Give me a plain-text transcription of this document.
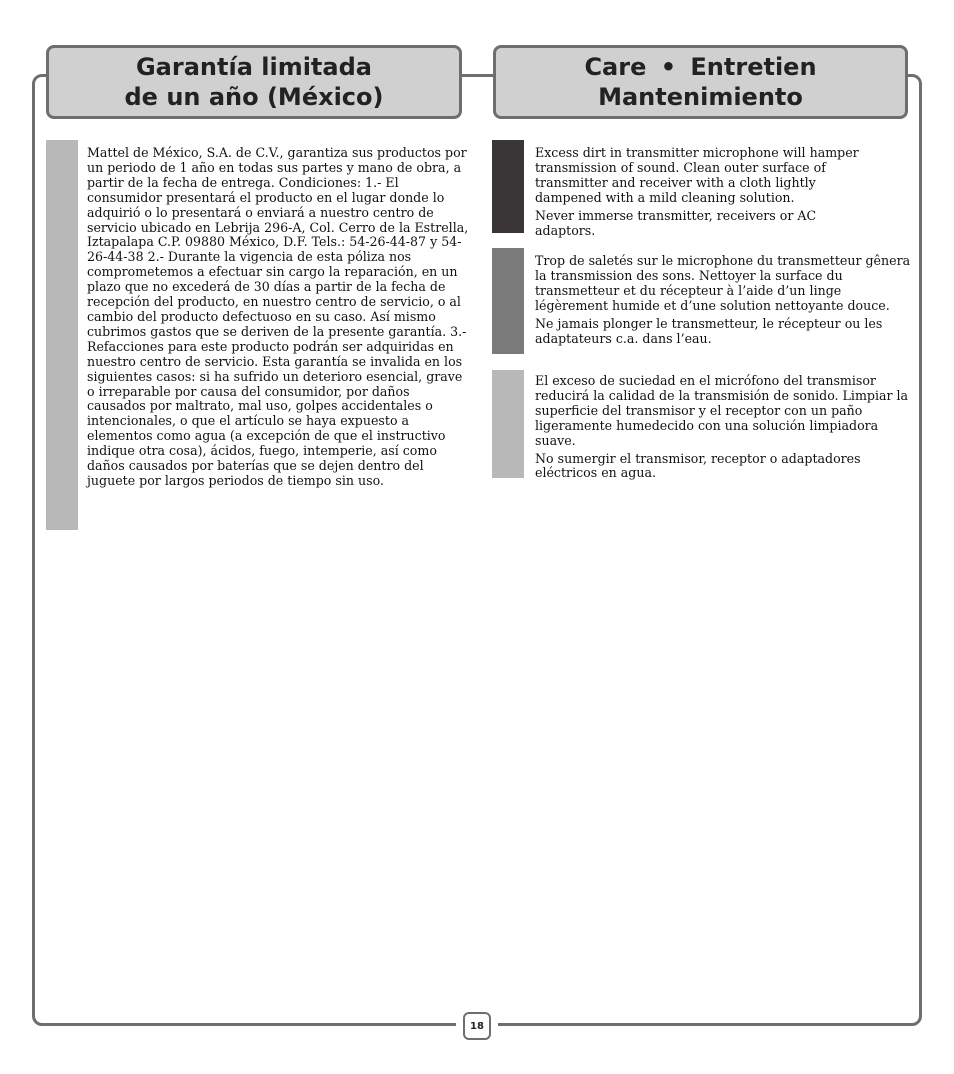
Garantía limitada
de un año (México)
Care • Entretien
Mantenimiento

Mattel de México, S.A. de C.V., garantiza sus productos por un periodo de 1 año en todas sus partes y mano de obra, a partir de la fecha de entrega. Condiciones: 1.- El consumidor presentará el producto en el lugar donde lo adquirió o lo presentará o enviará a nuestro centro de servicio ubicado en Lebrija 296-A, Col. Cerro de la Estrella, Iztapalapa C.P. 09880 México, D.F. Tels.: 54-26-44-87 y 54-26-44-38 2.- Durante la vigencia de esta póliza nos comprometemos a efectuar sin cargo la reparación, en un plazo que no excederá de 30 días a partir de la fecha de recepción del producto, en nuestro centro de servicio, o al cambio del producto defectuoso en su caso. Así mismo cubrimos gastos que se deriven de la presente garantía. 3.- Refacciones para este producto podrán ser adquiridas en nuestro centro de servicio. Esta garantía se invalida en los siguientes casos: si ha sufrido un deterioro esencial, grave o irreparable por causa del consumidor, por daños causados por maltrato, mal uso, golpes accidentales o intencionales, o que el artículo se haya expuesto a elementos como agua (a excepción de que el instructivo indique otra cosa), ácidos, fuego, intemperie, así como daños causados por baterías que se dejen dentro del juguete por largos periodos de tiempo sin uso.

Excess dirt in transmitter microphone will hamper transmission of sound. Clean outer surface of transmitter and receiver with a cloth lightly dampened with a mild cleaning solution.

Never immerse transmitter, receivers or AC adaptors.

Trop de saletés sur le microphone du transmetteur gênera la transmission des sons. Nettoyer la surface du transmetteur et du récepteur à l’aide d’un linge légèrement humide et d’une solution nettoyante douce.

Ne jamais plonger le transmetteur, le récepteur ou les adaptateurs c.a. dans l’eau.

El exceso de suciedad en el micrófono del transmisor reducirá la calidad de la transmisión de sonido. Limpiar la superficie del transmisor y el receptor con un paño ligeramente humedecido con una solución limpiadora suave.

No sumergir el transmisor, receptor o adaptadores eléctricos en agua.

18
